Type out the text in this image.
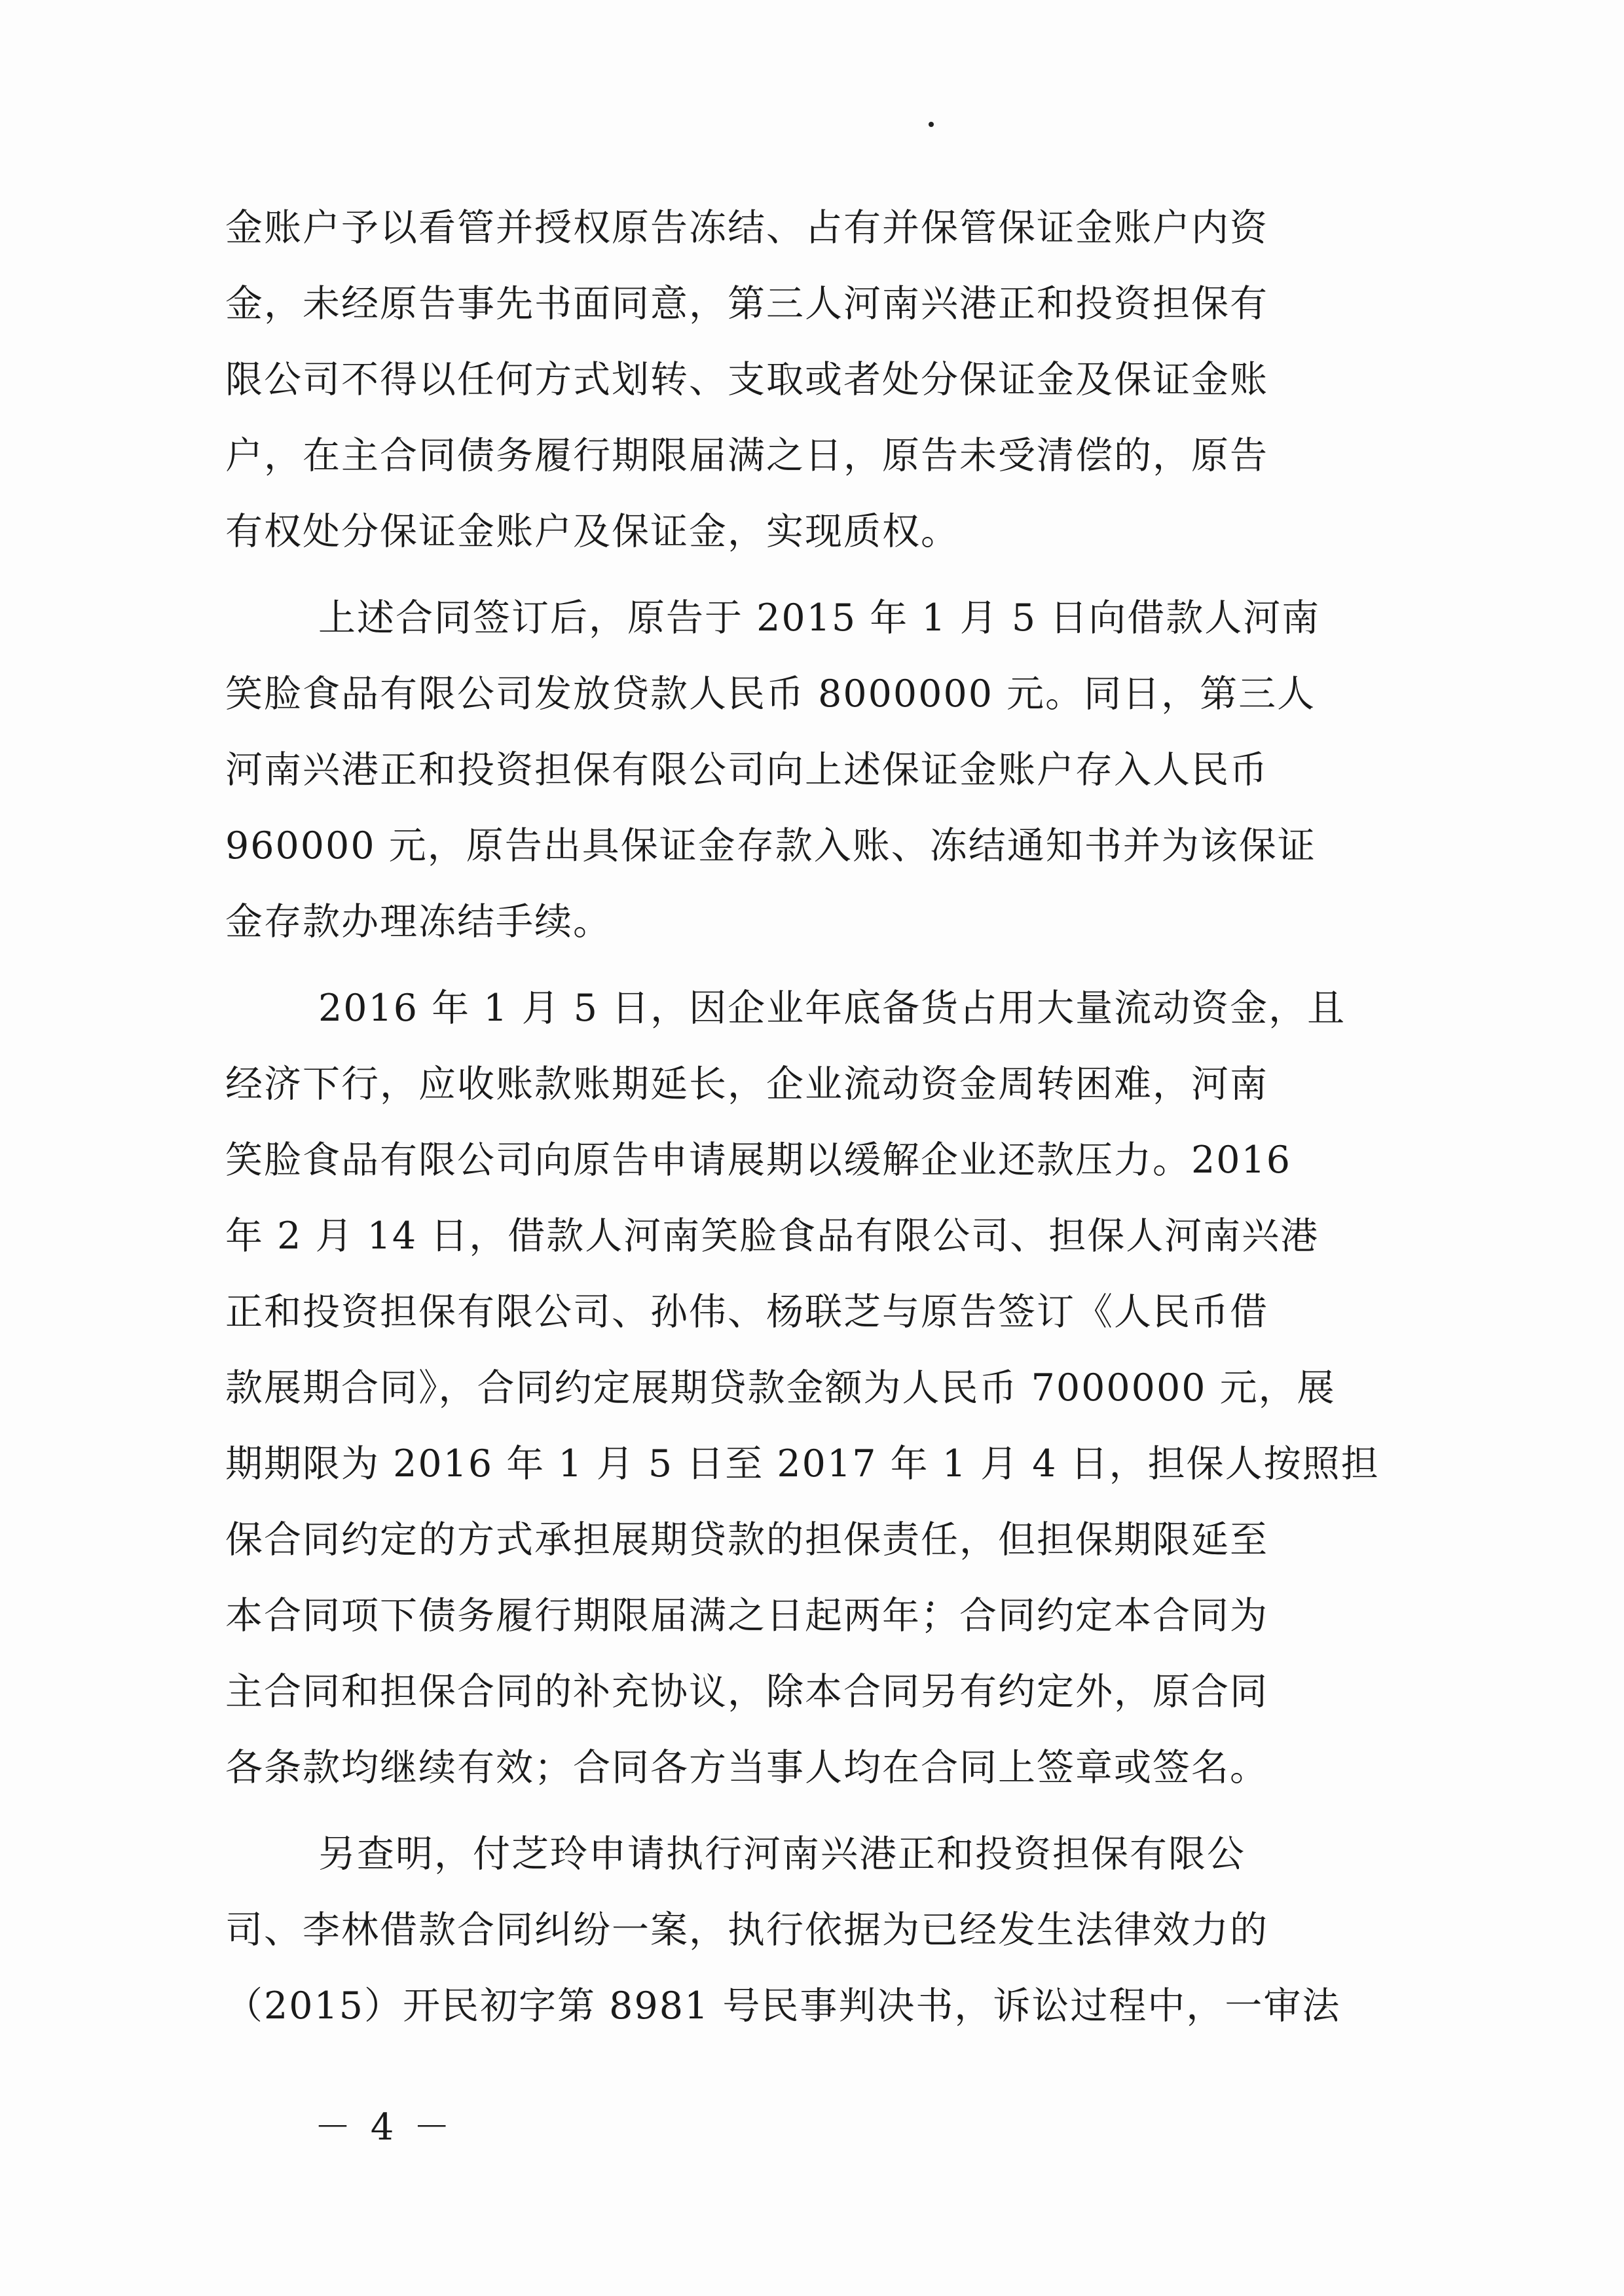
金账户予以看管并授权原告冻结、占有并保管保证金账户内资
金，未经原告事先书面同意，第三人河南兴港正和投资担保有
限公司不得以任何方式划转、支取或者处分保证金及保证金账
户，在主合同债务履行期限届满之日，原告未受清偿的，原告
有权处分保证金账户及保证金，实现质权。
上述合同签订后，原告于 2015 年 1 月 5 日向借款人河南
笑脸食品有限公司发放贷款人民币 8000000 元。同日，第三人
河南兴港正和投资担保有限公司向上述保证金账户存入人民币
960000 元，原告出具保证金存款入账、冻结通知书并为该保证
金存款办理冻结手续。
2016 年 1 月 5 日，因企业年底备货占用大量流动资金，且
经济下行，应收账款账期延长，企业流动资金周转困难，河南
笑脸食品有限公司向原告申请展期以缓解企业还款压力。2016
年 2 月 14 日，借款人河南笑脸食品有限公司、担保人河南兴港
正和投资担保有限公司、孙伟、杨联芝与原告签订《人民币借
款展期合同》，合同约定展期贷款金额为人民币 7000000 元，展
期期限为 2016 年 1 月 5 日至 2017 年 1 月 4 日，担保人按照担
保合同约定的方式承担展期贷款的担保责任，但担保期限延至
本合同项下债务履行期限届满之日起两年；合同约定本合同为
主合同和担保合同的补充协议，除本合同另有约定外，原合同
各条款均继续有效；合同各方当事人均在合同上签章或签名。
另查明，付芝玲申请执行河南兴港正和投资担保有限公
司、李林借款合同纠纷一案，执行依据为已经发生法律效力的
（2015）开民初字第 8981 号民事判决书，诉讼过程中，一审法
－ 4 －
